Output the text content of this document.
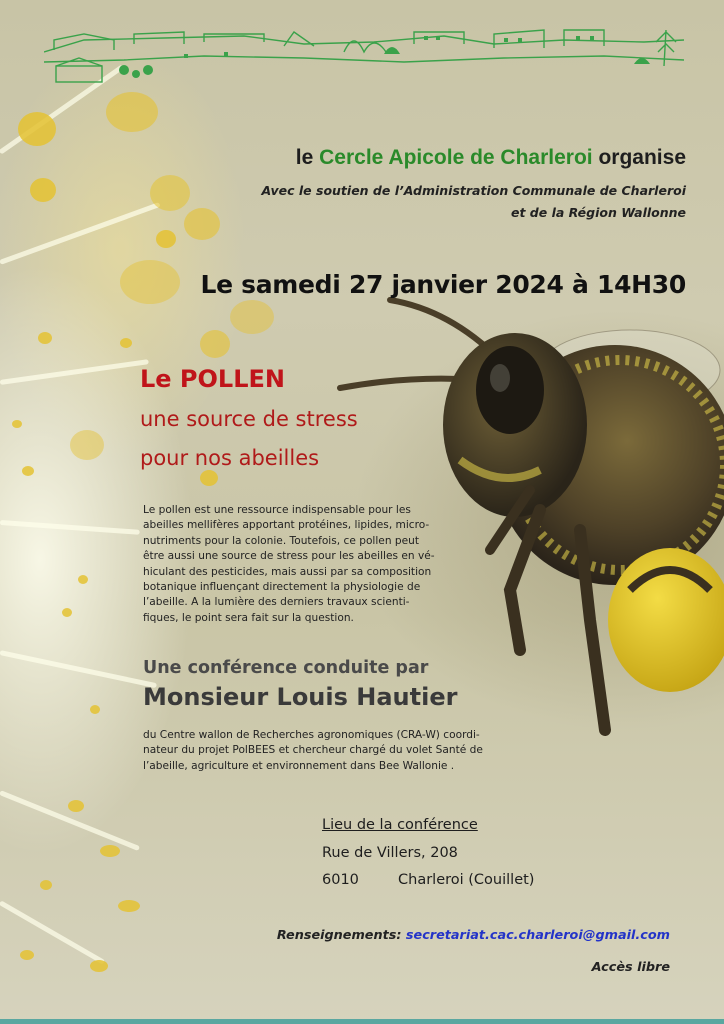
le Cercle Apicole de Charleroi organise

Avec le soutien de l’Administration Communale de Charleroi

et de la Région Wallonne

Le samedi 27 janvier 2024 à 14H30

Le POLLEN

une source de stress

pour nos abeilles

Le pollen est une ressource indispensable pour les
abeilles mellifères apportant protéines, lipides, micro-
nutriments pour la colonie. Toutefois, ce pollen peut
être aussi une source de stress pour les abeilles en vé-
hiculant des pesticides, mais aussi par sa composition
botanique influençant directement la physiologie de
l’abeille. A la lumière des derniers travaux scienti-
fiques, le point sera fait sur la question.

Une conférence conduite par

Monsieur Louis Hautier

du Centre wallon de Recherches agronomiques (CRA-W) coordi-
nateur du projet PolBEES et chercheur chargé du volet Santé de
l’abeille, agriculture et environnement dans Bee Wallonie .

Lieu de la conférence

Rue de Villers, 208

6010	Charleroi (Couillet)

Renseignements: secretariat.cac.charleroi@gmail.com

Accès libre
